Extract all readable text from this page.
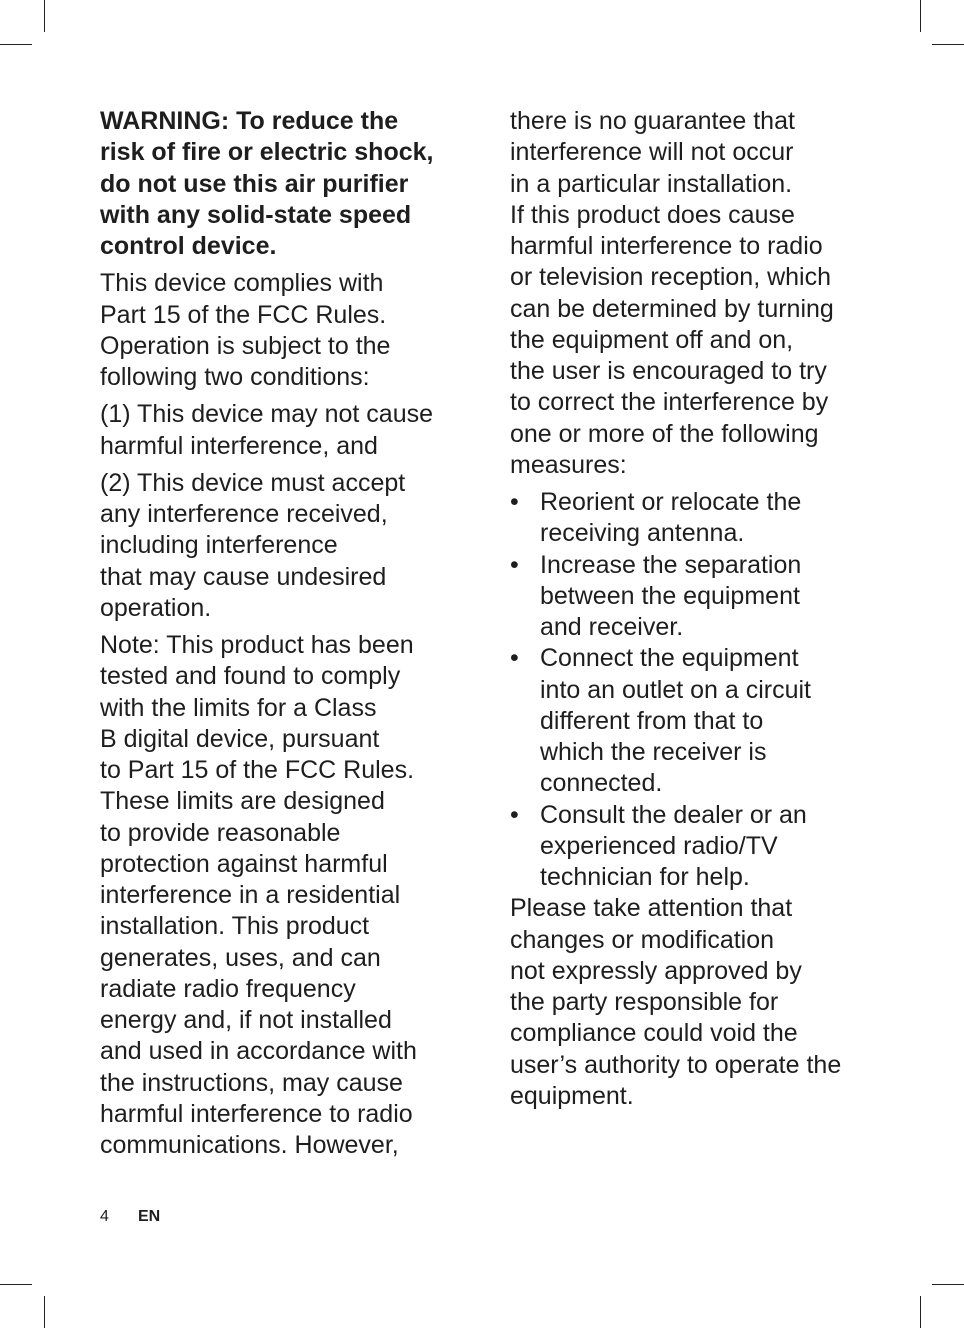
WARNING: To reduce the
risk of fire or electric shock,
do not use this air purifier
with any solid-state speed
control device.
This device complies with
Part 15 of the FCC Rules.
Operation is subject to the
following two conditions:
(1) This device may not cause
harmful interference, and
(2) This device must accept
any interference received,
including interference
that may cause undesired
operation.
Note: This product has been
tested and found to comply
with the limits for a Class
B digital device, pursuant
to Part 15 of the FCC Rules.
These limits are designed
to provide reasonable
protection against harmful
interference in a residential
installation. This product
generates, uses, and can
radiate radio frequency
energy and, if not installed
and used in accordance with
the instructions, may cause
harmful interference to radio
communications. However,
there is no guarantee that
interference will not occur
in a particular installation.
If this product does cause
harmful interference to radio
or television reception, which
can be determined by turning
the equipment off and on,
the user is encouraged to try
to correct the interference by
one or more of the following
measures:
• Reorient or relocate the
receiving antenna.
• Increase the separation
between the equipment
and receiver.
• Connect the equipment
into an outlet on a circuit
different from that to
which the receiver is
connected.
• Consult the dealer or an
experienced radio/TV
technician for help.
Please take attention that
changes or modification
not expressly approved by
the party responsible for
compliance could void the
user’s authority to operate the
equipment.
4 EN
